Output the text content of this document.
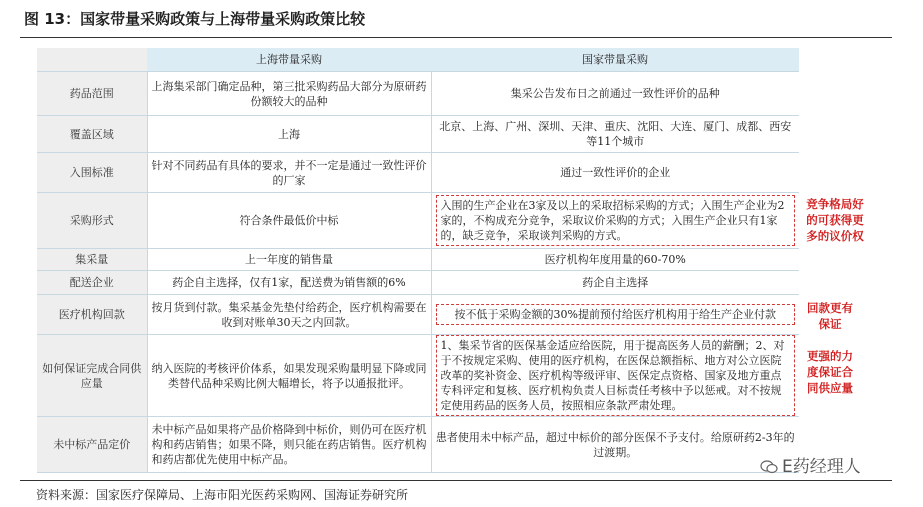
图 13：国家带量采购政策与上海带量采购政策比较
	上海带量采购	国家带量采购
药品范围	上海集采部门确定品种，第三批采购药品大部分为原研药份额较大的品种	集采公告发布日之前通过一致性评价的品种
覆盖区域	上海	北京、上海、广州、深圳、天津、重庆、沈阳、大连、厦门、成都、西安等11个城市
入围标准	针对不同药品有具体的要求，并不一定是通过一致性评价的厂家	通过一致性评价的企业
采购形式	符合条件最低价中标	入围的生产企业在3家及以上的采取招标采购的方式；入围生产企业为2家的，不构成充分竞争，采取议价采购的方式；入围生产企业只有1家的，缺乏竞争，采取谈判采购的方式。

集采量	上一年度的销售量	医疗机构年度用量的60-70%
配送企业	药企自主选择，仅有1家，配送费为销售额的6%	药企自主选择
医疗机构回款	按月货到付款。集采基金先垫付给药企，医疗机构需要在收到对账单30天之内回款。	按不低于采购金额的30%提前预付给医疗机构用于给生产企业付款

如何保证完成合同供应量	纳入医院的考核评价体系，如果发现采购量明显下降或同类替代品种采购比例大幅增长，将予以通报批评。	1、集采节省的医保基金适应给医院，用于提高医务人员的薪酬；2、对于不按规定采购、使用的医疗机构，在医保总额指标、地方对公立医院改革的奖补资金、医疗机构等级评审、医保定点资格、国家及地方重点专科评定和复核、医疗机构负责人目标责任考核中予以惩戒。对不按规定使用药品的医务人员，按照相应条款严肃处理。

未中标产品定价	未中标产品如果将产品价格降到中标价，则仍可在医疗机构和药店销售；如果不降，则只能在药店销售。医疗机构和药店都优先使用中标产品。	患者使用未中标产品，超过中标价的部分医保不予支付。给原研药2-3年的过渡期。
竞争格局好的可获得更多的议价权
回款更有保证
更强的力度保证合同供应量
E药经理人
资料来源：国家医疗保障局、上海市阳光医药采购网、国海证券研究所
